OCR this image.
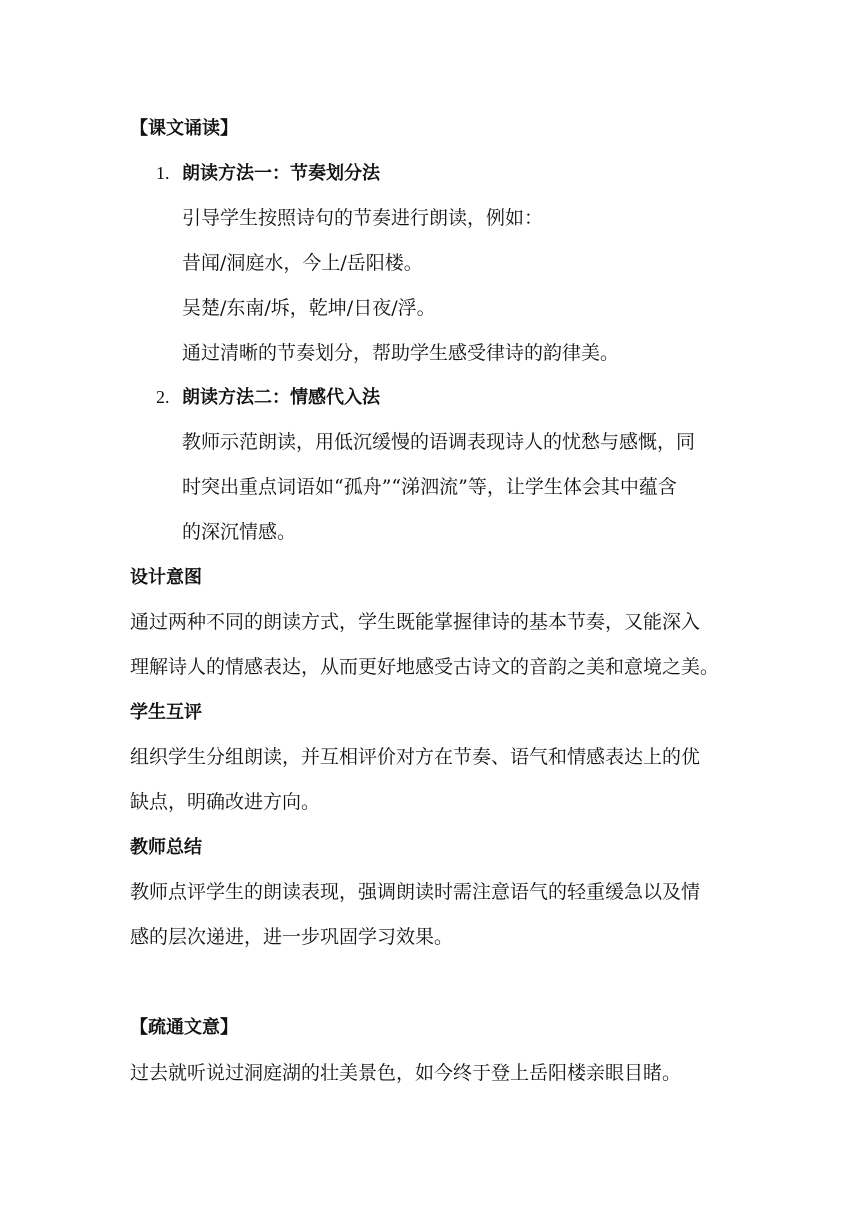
【课文诵读】
1. 朗读方法一：节奏划分法
引导学生按照诗句的节奏进行朗读，例如：
昔闻/洞庭水，今上/岳阳楼。
吴楚/东南/坼，乾坤/日夜/浮。
通过清晰的节奏划分，帮助学生感受律诗的韵律美。
2. 朗读方法二：情感代入法
教师示范朗读，用低沉缓慢的语调表现诗人的忧愁与感慨，同
时突出重点词语如“孤舟”“涕泗流”等，让学生体会其中蕴含
的深沉情感。
设计意图
通过两种不同的朗读方式，学生既能掌握律诗的基本节奏，又能深入
理解诗人的情感表达，从而更好地感受古诗文的音韵之美和意境之美。
学生互评
组织学生分组朗读，并互相评价对方在节奏、语气和情感表达上的优
缺点，明确改进方向。
教师总结
教师点评学生的朗读表现，强调朗读时需注意语气的轻重缓急以及情
感的层次递进，进一步巩固学习效果。
【疏通文意】
过去就听说过洞庭湖的壮美景色，如今终于登上岳阳楼亲眼目睹。
